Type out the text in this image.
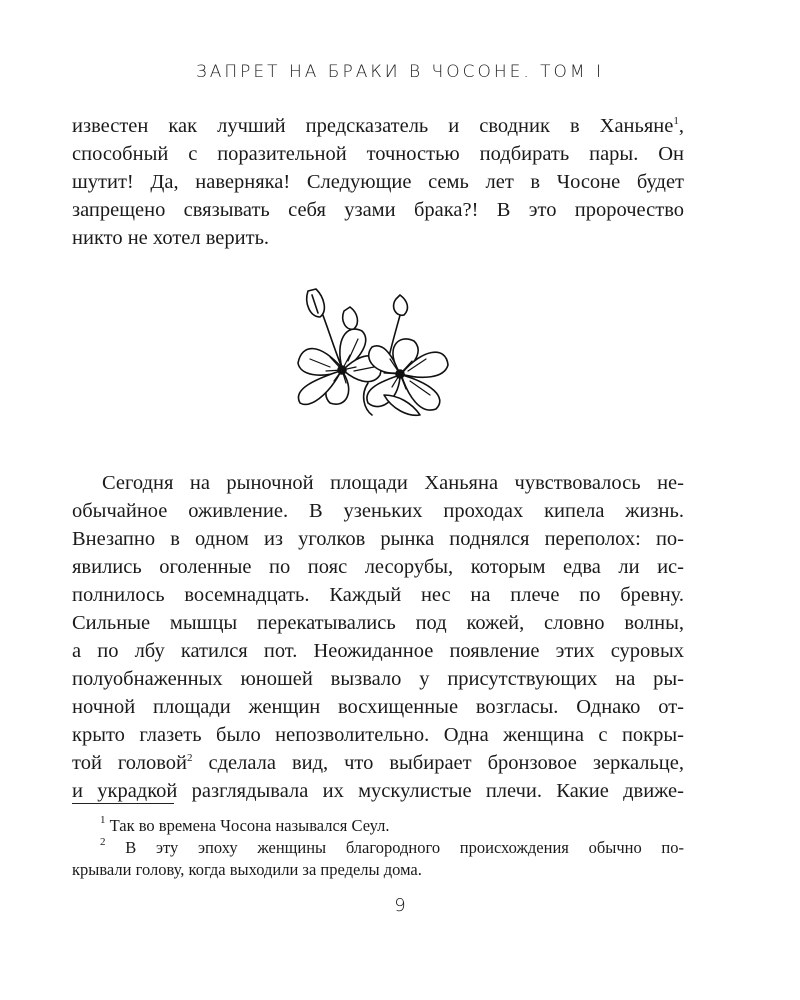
ЗАПРЕТ НА БРАКИ В ЧОСОНЕ. ТОМ I
известен как лучший предсказатель и сводник в Ханьяне$^1$,
способный с поразительной точностью подбирать пары. Он
шутит! Да, наверняка! Следующие семь лет в Чосоне будет
запрещено связывать себя узами брака?! В это пророчество
никто не хотел верить.
Сегодня на рыночной площади Ханьяна чувствовалось не-
обычайное оживление. В узеньких проходах кипела жизнь.
Внезапно в одном из уголков рынка поднялся переполох: по-
явились оголенные по пояс лесорубы, которым едва ли ис-
полнилось восемнадцать. Каждый нес на плече по бревну.
Сильные мышцы перекатывались под кожей, словно волны,
а по лбу катился пот. Неожиданное появление этих суровых
полуобнаженных юношей вызвало у присутствующих на ры-
ночной площади женщин восхищенные возгласы. Однако от-
крыто глазеть было непозволительно. Одна женщина с покры-
той головой$^2$ сделала вид, что выбирает бронзовое зеркальце,
и украдкой разглядывала их мускулистые плечи. Какие движе-
$^1$ Так во времена Чосона назывался Сеул.
$^2$ В эту эпоху женщины благородного происхождения обычно по-
крывали голову, когда выходили за пределы дома.
9
